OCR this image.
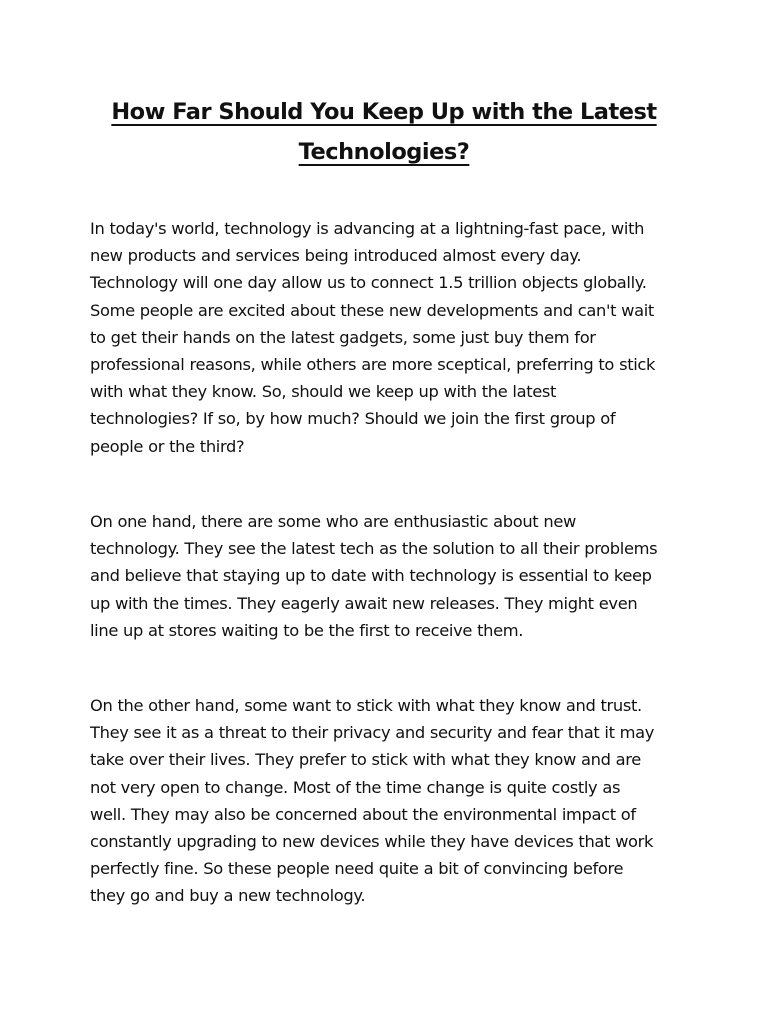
How Far Should You Keep Up with the Latest
Technologies?

In today's world, technology is advancing at a lightning-fast pace, with
new products and services being introduced almost every day.
Technology will one day allow us to connect 1.5 trillion objects globally.
Some people are excited about these new developments and can't wait
to get their hands on the latest gadgets, some just buy them for
professional reasons, while others are more sceptical, preferring to stick
with what they know. So, should we keep up with the latest
technologies? If so, by how much? Should we join the first group of
people or the third?

On one hand, there are some who are enthusiastic about new
technology. They see the latest tech as the solution to all their problems
and believe that staying up to date with technology is essential to keep
up with the times. They eagerly await new releases. They might even
line up at stores waiting to be the first to receive them.

On the other hand, some want to stick with what they know and trust.
They see it as a threat to their privacy and security and fear that it may
take over their lives. They prefer to stick with what they know and are
not very open to change. Most of the time change is quite costly as
well. They may also be concerned about the environmental impact of
constantly upgrading to new devices while they have devices that work
perfectly fine. So these people need quite a bit of convincing before
they go and buy a new technology.
